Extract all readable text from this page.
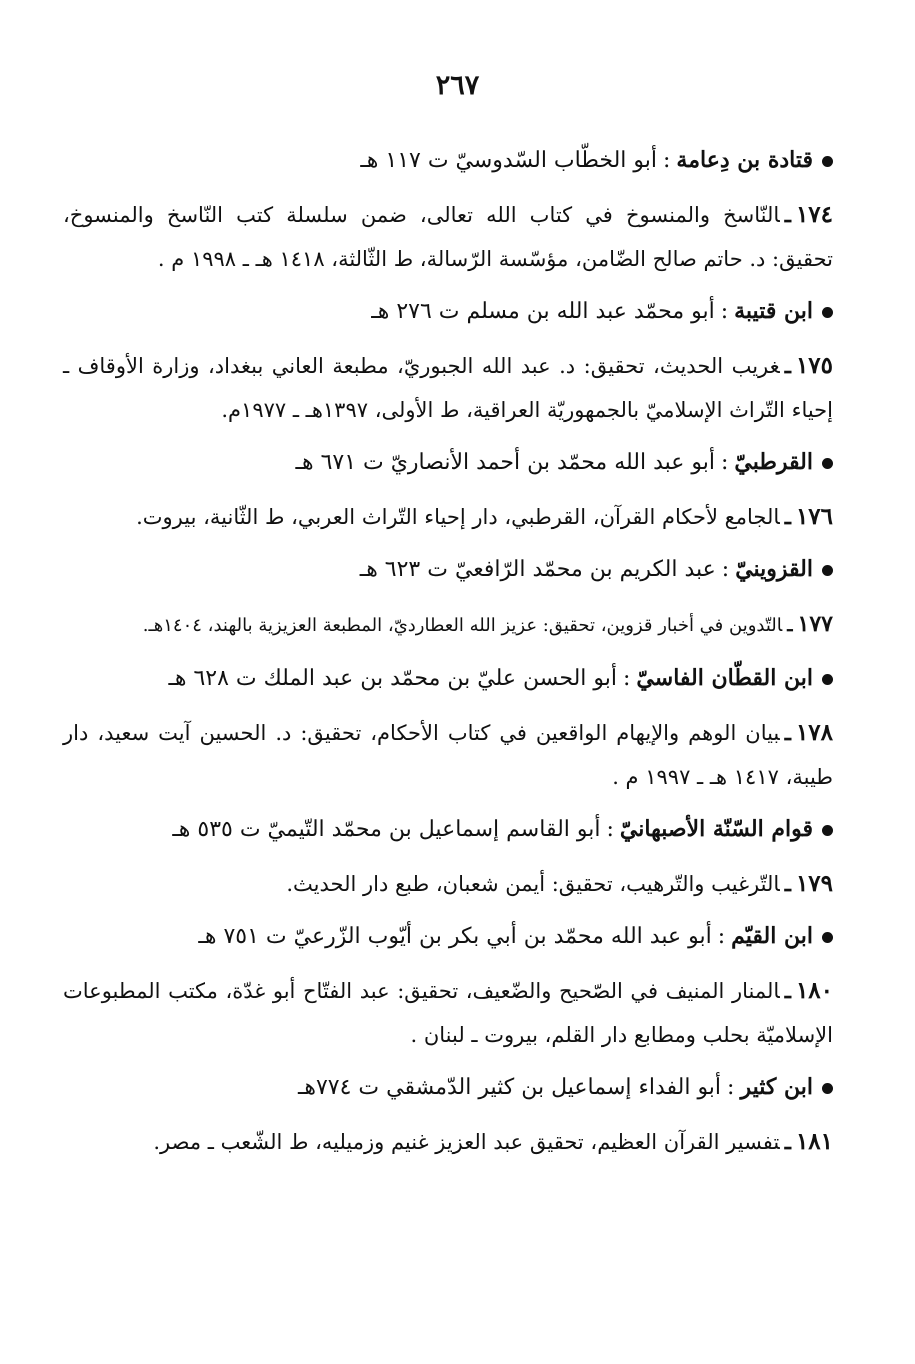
٢٦٧
قتادة بن دِعامة:أبو الخطّاب السّدوسيّ ت ١١٧ هـ
١٧٤ـالنّاسخ والمنسوخ في كتاب الله تعالى، ضمن سلسلة كتب النّاسخ والمنسوخ، تحقيق: د. حاتم صالح الضّامن، مؤسّسة الرّسالة، ط الثّالثة، ١٤١٨ هـ ـ ١٩٩٨ م .
ابن قتيبة:أبو محمّد عبد الله بن مسلم ت ٢٧٦ هـ
١٧٥ـغريب الحديث، تحقيق: د. عبد الله الجبوريّ، مطبعة العاني ببغداد، وزارة الأوقاف ـ إحياء التّراث الإسلاميّ بالجمهوريّة العراقية، ط الأولى، ١٣٩٧هـ ـ ١٩٧٧م.
القرطبيّ:أبو عبد الله محمّد بن أحمد الأنصاريّ ت ٦٧١ هـ
١٧٦ـالجامع لأحكام القرآن، القرطبي، دار إحياء التّراث العربي، ط الثّانية، بيروت.
القزوينيّ:عبد الكريم بن محمّد الرّافعيّ ت ٦٢٣ هـ
١٧٧ـالتّدوين في أخبار قزوين، تحقيق: عزيز الله العطارديّ، المطبعة العزيزية بالهند، ١٤٠٤هـ.
ابن القطّان الفاسيّ:أبو الحسن عليّ بن محمّد بن عبد الملك ت ٦٢٨ هـ
١٧٨ـبيان الوهم والإيهام الواقعين في كتاب الأحكام، تحقيق: د. الحسين آيت سعيد، دار طيبة، ١٤١٧ هـ ـ ١٩٩٧ م .
قوام السّنّة الأصبهانيّ:أبو القاسم إسماعيل بن محمّد التّيميّ ت ٥٣٥ هـ
١٧٩ـالتّرغيب والتّرهيب، تحقيق: أيمن شعبان، طبع دار الحديث.
ابن القيّم:أبو عبد الله محمّد بن أبي بكر بن أيّوب الزّرعيّ ت ٧٥١ هـ
١٨٠ـالمنار المنيف في الصّحيح والضّعيف، تحقيق: عبد الفتّاح أبو غدّة، مكتب المطبوعات الإسلاميّة بحلب ومطابع دار القلم، بيروت ـ لبنان .
ابن كثير:أبو الفداء إسماعيل بن كثير الدّمشقي ت ٧٧٤هـ
١٨١ـتفسير القرآن العظيم، تحقيق عبد العزيز غنيم وزميليه، ط الشّعب ـ مصر.
